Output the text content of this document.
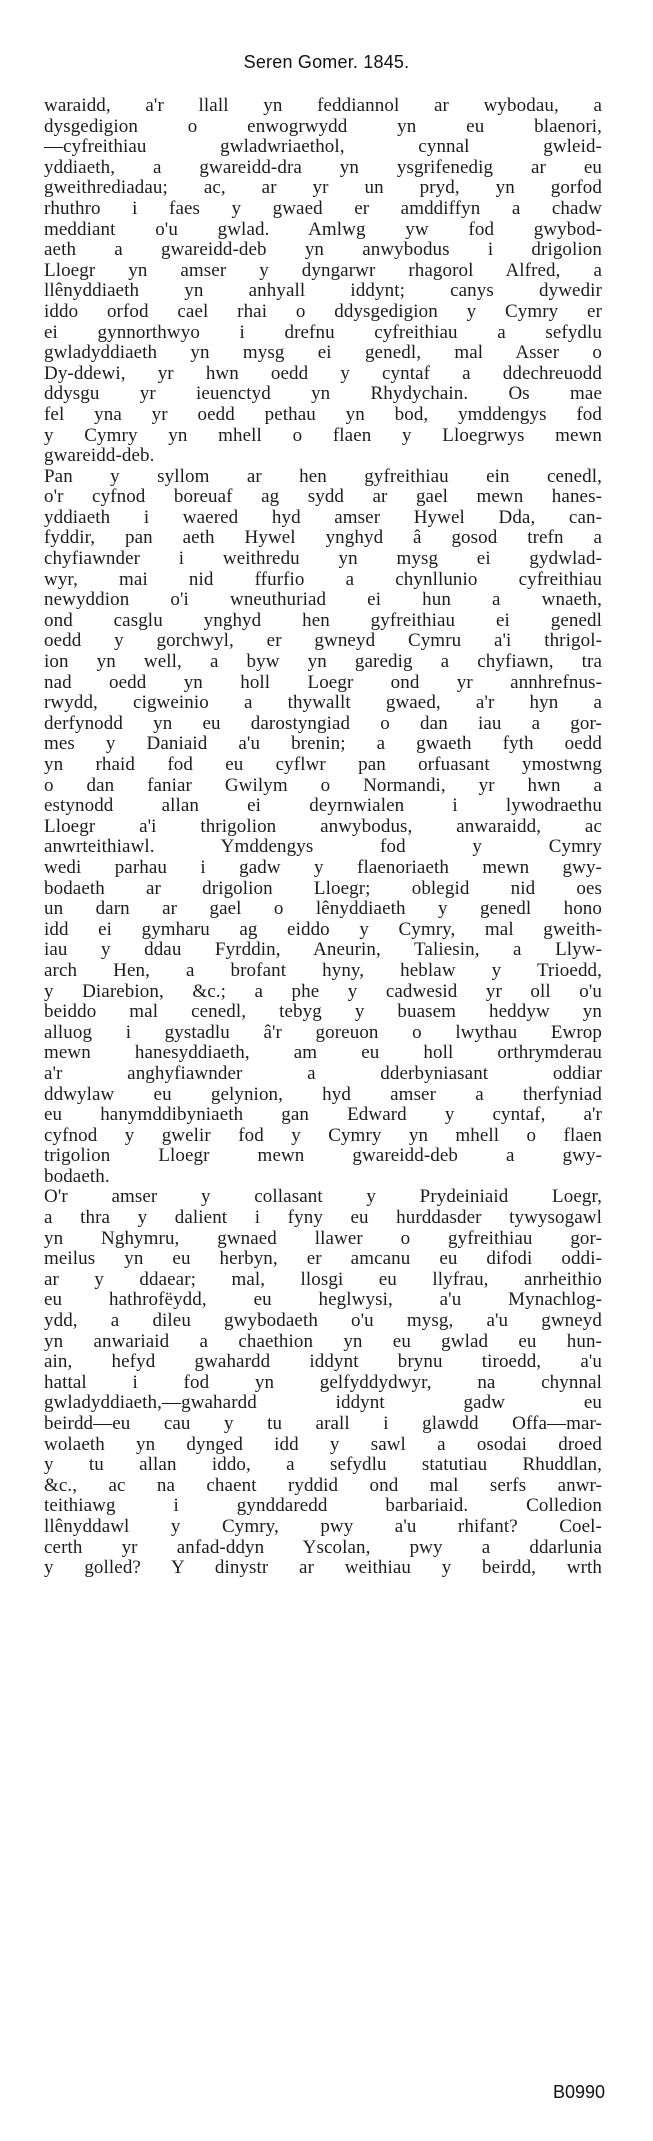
Seren Gomer. 1845.
waraidd, a'r llall yn feddiannol ar wybodau, a
dysgedigion o enwogrwydd yn eu blaenori,
—cyfreithiau gwladwriaethol, cynnal gwleid-
yddiaeth, a gwareidd-dra yn ysgrifenedig ar eu
gweithrediadau; ac, ar yr un pryd, yn gorfod
rhuthro i faes y gwaed er amddiffyn a chadw
meddiant o'u gwlad. Amlwg yw fod gwybod-
aeth a gwareidd-deb yn anwybodus i drigolion
Lloegr yn amser y dyngarwr rhagorol Alfred, a
llênyddiaeth yn anhyall iddynt; canys dywedir
iddo orfod cael rhai o ddysgedigion y Cymry er
ei gynnorthwyo i drefnu cyfreithiau a sefydlu
gwladyddiaeth yn mysg ei genedl, mal Asser o
Dy-ddewi, yr hwn oedd y cyntaf a ddechreuodd
ddysgu yr ieuenctyd yn Rhydychain. Os mae
fel yna yr oedd pethau yn bod, ymddengys fod
y Cymry yn mhell o flaen y Lloegrwys mewn
gwareidd-deb.
Pan y syllom ar hen gyfreithiau ein cenedl,
o'r cyfnod boreuaf ag sydd ar gael mewn hanes-
yddiaeth i waered hyd amser Hywel Dda, can-
fyddir, pan aeth Hywel ynghyd â gosod trefn a
chyfiawnder i weithredu yn mysg ei gydwlad-
wyr, mai nid ffurfio a chynllunio cyfreithiau
newyddion o'i wneuthuriad ei hun a wnaeth,
ond casglu ynghyd hen gyfreithiau ei genedl
oedd y gorchwyl, er gwneyd Cymru a'i thrigol-
ion yn well, a byw yn garedig a chyfiawn, tra
nad oedd yn holl Loegr ond yr annhrefnus-
rwydd, cigweinio a thywallt gwaed, a'r hyn a
derfynodd yn eu darostyngiad o dan iau a gor-
mes y Daniaid a'u brenin; a gwaeth fyth oedd
yn rhaid fod eu cyflwr pan orfuasant ymostwng
o dan faniar Gwilym o Normandi, yr hwn a
estynodd allan ei deyrnwialen i lywodraethu
Lloegr a'i thrigolion anwybodus, anwaraidd, ac
anwrteithiawl. Ymddengys fod y Cymry
wedi parhau i gadw y flaenoriaeth mewn gwy-
bodaeth ar drigolion Lloegr; oblegid nid oes
un darn ar gael o lênyddiaeth y genedl hono
idd ei gymharu ag eiddo y Cymry, mal gweith-
iau y ddau Fyrddin, Aneurin, Taliesin, a Llyw-
arch Hen, a brofant hyny, heblaw y Trioedd,
y Diarebion, &c.; a phe y cadwesid yr oll o'u
beiddo mal cenedl, tebyg y buasem heddyw yn
alluog i gystadlu â'r goreuon o lwythau Ewrop
mewn hanesyddiaeth, am eu holl orthrymderau
a'r anghyfiawnder a dderbyniasant oddiar
ddwylaw eu gelynion, hyd amser a therfyniad
eu hanymddibyniaeth gan Edward y cyntaf, a'r
cyfnod y gwelir fod y Cymry yn mhell o flaen
trigolion Lloegr mewn gwareidd-deb a gwy-
bodaeth.
O'r amser y collasant y Prydeiniaid Loegr,
a thra y dalient i fyny eu hurddasder tywysogawl
yn Nghymru, gwnaed llawer o gyfreithiau gor-
meilus yn eu herbyn, er amcanu eu difodi oddi-
ar y ddaear; mal, llosgi eu llyfrau, anrheithio
eu hathrofëydd, eu heglwysi, a'u Mynachlog-
ydd, a dileu gwybodaeth o'u mysg, a'u gwneyd
yn anwariaid a chaethion yn eu gwlad eu hun-
ain, hefyd gwahardd iddynt brynu tiroedd, a'u
hattal i fod yn gelfyddydwyr, na chynnal
gwladyddiaeth,—gwahardd iddynt gadw eu
beirdd—eu cau y tu arall i glawdd Offa—mar-
wolaeth yn dynged idd y sawl a osodai droed
y tu allan iddo, a sefydlu statutiau Rhuddlan,
&c., ac na chaent ryddid ond mal serfs anwr-
teithiawg i gynddaredd barbariaid. Colledion
llênyddawl y Cymry, pwy a'u rhifant? Coel-
certh yr anfad-ddyn Yscolan, pwy a ddarlunia
y golled? Y dinystr ar weithiau y beirdd, wrth
B0990
